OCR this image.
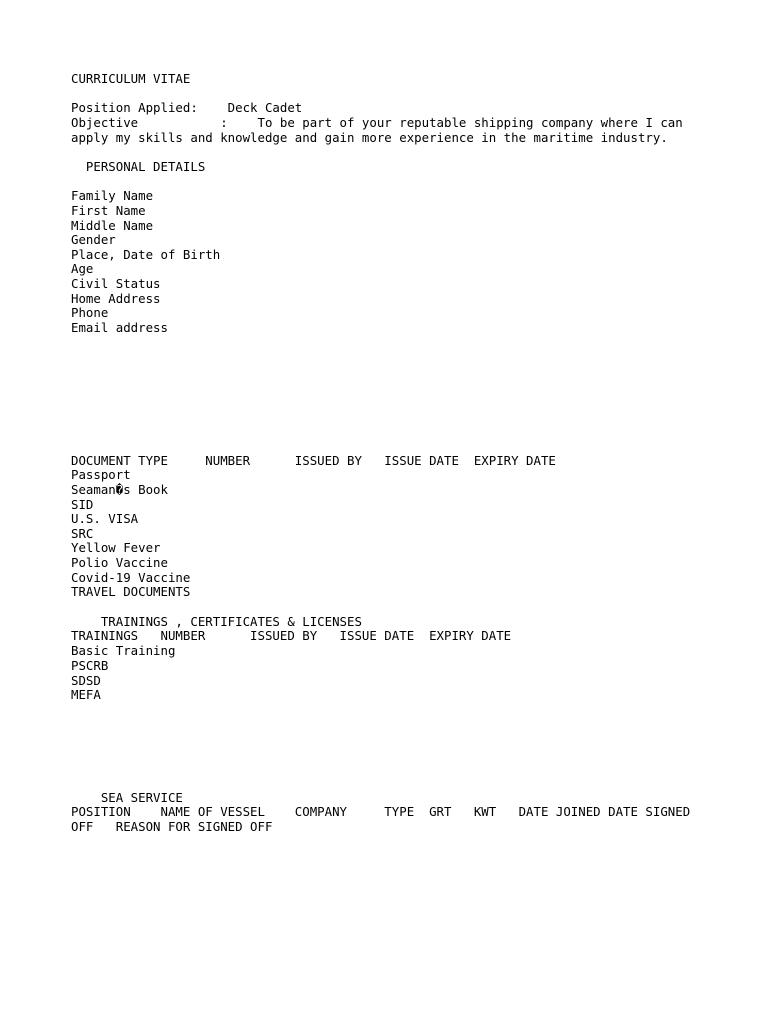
CURRICULUM VITAE
Position Applied:    Deck Cadet
Objective           :    To be part of your reputable shipping company where I can
apply my skills and knowledge and gain more experience in the maritime industry.
PERSONAL DETAILS
Family Name
First Name
Middle Name
Gender
Place, Date of Birth
Age
Civil Status
Home Address
Phone
Email address
DOCUMENT TYPE     NUMBER      ISSUED BY   ISSUE DATE  EXPIRY DATE
Passport
Seaman�s Book
SID
U.S. VISA
SRC
Yellow Fever
Polio Vaccine
Covid-19 Vaccine
TRAVEL DOCUMENTS
TRAININGS , CERTIFICATES & LICENSES
TRAININGS   NUMBER      ISSUED BY   ISSUE DATE  EXPIRY DATE
Basic Training
PSCRB
SDSD
MEFA
SEA SERVICE
POSITION    NAME OF VESSEL    COMPANY     TYPE  GRT   KWT   DATE JOINED DATE SIGNED
OFF   REASON FOR SIGNED OFF
